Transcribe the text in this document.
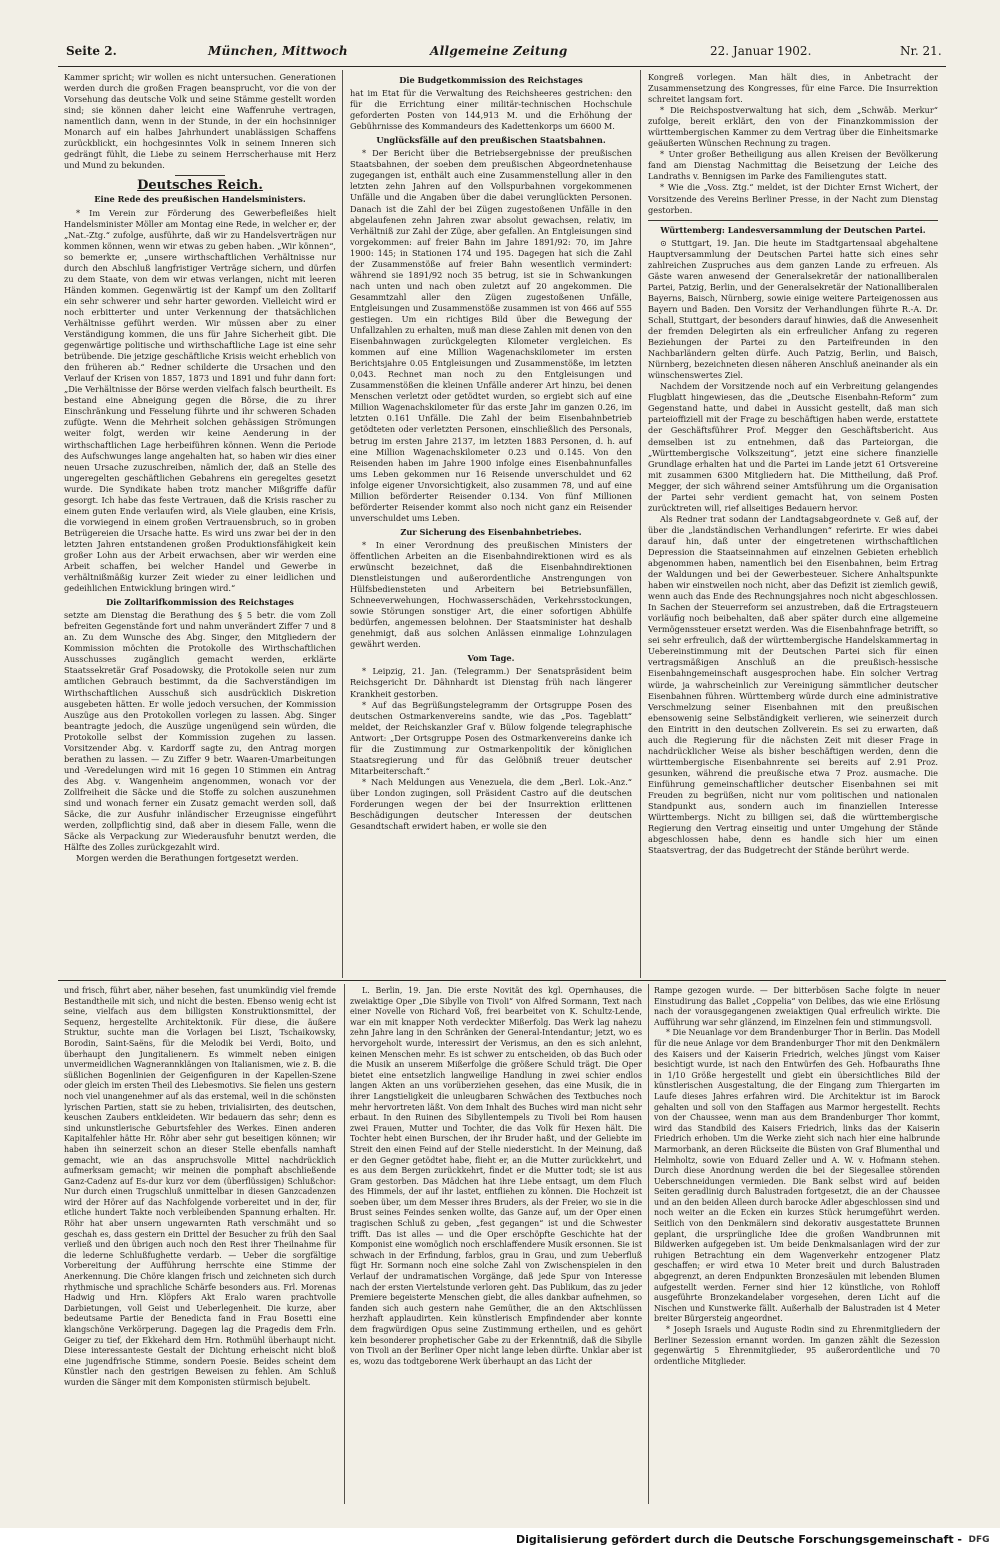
Seite 2.	München, Mittwoch	Allgemeine Zeitung	22. Januar 1902.	Nr. 21.

Kammer spricht; wir wollen es nicht untersuchen. Generationen werden durch die großen Fragen beansprucht, vor die von der Vorsehung das deutsche Volk und seine Stämme gestellt worden sind; sie können daher leicht eine Waffenruhe vertragen, namentlich dann, wenn in der Stunde, in der ein hochsinniger Monarch auf ein halbes Jahrhundert unablässigen Schaffens zurückblickt, ein hochgesinntes Volk in seinem Inneren sich gedrängt fühlt, die Liebe zu seinem Herrscherhause mit Herz und Mund zu bekunden.

Deutsches Reich.

Eine Rede des preußischen Handelsministers.

* Im Verein zur Förderung des Gewerbefleißes hielt Handelsminister Möller am Montag eine Rede, in welcher er, der „Nat.-Ztg.“ zufolge, ausführte, daß wir zu Handelsverträgen nur kommen können, wenn wir etwas zu geben haben. „Wir können“, so bemerkte er, „unsere wirthschaftlichen Verhältnisse nur durch den Abschluß langfristiger Verträge sichern, und dürfen zu dem Staate, von dem wir etwas verlangen, nicht mit leeren Händen kommen. Gegenwärtig ist der Kampf um den Zolltarif ein sehr schwerer und sehr harter geworden. Vielleicht wird er noch erbitterter und unter Verkennung der thatsächlichen Verhältnisse geführt werden. Wir müssen aber zu einer Verständigung kommen, die uns für Jahre Sicherheit gibt. Die gegenwärtige politische und wirthschaftliche Lage ist eine sehr betrübende. Die jetzige geschäftliche Krisis weicht erheblich von den früheren ab.“ Redner schilderte die Ursachen und den Verlauf der Krisen von 1857, 1873 und 1891 und fuhr dann fort: „Die Verhältnisse der Börse werden vielfach falsch beurtheilt. Es bestand eine Abneigung gegen die Börse, die zu ihrer Einschränkung und Fesselung führte und ihr schweren Schaden zufügte. Wenn die Mehrheit solchen gehässigen Strömungen weiter folgt, werden wir keine Aenderung in der wirthschaftlichen Lage herbeiführen können. Wenn die Periode des Aufschwunges lange angehalten hat, so haben wir dies einer neuen Ursache zuzuschreiben, nämlich der, daß an Stelle des ungeregelten geschäftlichen Gebahrens ein geregeltes gesetzt wurde. Die Syndikate haben trotz mancher Mißgriffe dafür gesorgt. Ich habe das feste Vertrauen, daß die Krisis rascher zu einem guten Ende verlaufen wird, als Viele glauben, eine Krisis, die vorwiegend in einem großen Vertrauensbruch, so in groben Betrügereien die Ursache hatte. Es wird uns zwar bei der in den letzten Jahren entstandenen großen Produktionsfähigkeit kein großer Lohn aus der Arbeit erwachsen, aber wir werden eine Arbeit schaffen, bei welcher Handel und Gewerbe in verhältnißmäßig kurzer Zeit wieder zu einer leidlichen und gedeihlichen Entwicklung bringen wird.“

Die Zolltarifkommission des Reichstages

setzte am Dienstag die Berathung des § 5 betr. die vom Zoll befreiten Gegenstände fort und nahm unverändert Ziffer 7 und 8 an. Zu dem Wunsche des Abg. Singer, den Mitgliedern der Kommission möchten die Protokolle des Wirthschaftlichen Ausschusses zugänglich gemacht werden, erklärte Staatssekretär Graf Posadowsky, die Protokolle seien nur zum amtlichen Gebrauch bestimmt, da die Sachverständigen im Wirthschaftlichen Ausschuß sich ausdrücklich Diskretion ausgebeten hätten. Er wolle jedoch versuchen, der Kommission Auszüge aus den Protokollen vorlegen zu lassen. Abg. Singer beantragte jedoch, die Auszüge ungenügend sein würden, die Protokolle selbst der Kommission zugehen zu lassen. Vorsitzender Abg. v. Kardorff sagte zu, den Antrag morgen berathen zu lassen. — Zu Ziffer 9 betr. Waaren-Umarbeitungen und -Veredelungen wird mit 16 gegen 10 Stimmen ein Antrag des Abg. v. Wangenheim angenommen, wonach vor der Zollfreiheit die Säcke und die Stoffe zu solchen auszunehmen sind und wonach ferner ein Zusatz gemacht werden soll, daß Säcke, die zur Ausfuhr inländischer Erzeugnisse eingeführt werden, zollpflichtig sind, daß aber in diesem Falle, wenn die Säcke als Verpackung zur Wiederausfuhr benutzt werden, die Hälfte des Zolles zurückgezahlt wird.

Morgen werden die Berathungen fortgesetzt werden.

Die Budgetkommission des Reichstages

hat im Etat für die Verwaltung des Reichsheeres gestrichen: den für die Errichtung einer militär-technischen Hochschule geforderten Posten von 144,913 M. und die Erhöhung der Gebührnisse des Kommandeurs des Kadettenkorps um 6600 M.

Unglücksfälle auf den preußischen Staatsbahnen.

* Der Bericht über die Betriebsergebnisse der preußischen Staatsbahnen, der soeben dem preußischen Abgeordnetenhause zugegangen ist, enthält auch eine Zusammenstellung aller in den letzten zehn Jahren auf den Vollspurbahnen vorgekommenen Unfälle und die Angaben über die dabei verunglückten Personen. Danach ist die Zahl der bei Zügen zugestoßenen Unfälle in den abgelaufenen zehn Jahren zwar absolut gewachsen, relativ, im Verhältniß zur Zahl der Züge, aber gefallen. An Entgleisungen sind vorgekommen: auf freier Bahn im Jahre 1891/92: 70, im Jahre 1900: 145; in Stationen 174 und 195. Dagegen hat sich die Zahl der Zusammenstöße auf freier Bahn wesentlich vermindert: während sie 1891/92 noch 35 betrug, ist sie in Schwankungen nach unten und nach oben zuletzt auf 20 angekommen. Die Gesammtzahl aller den Zügen zugestoßenen Unfälle, Entgleisungen und Zusammenstöße zusammen ist von 466 auf 555 gestiegen. Um ein richtiges Bild über die Bewegung der Unfallzahlen zu erhalten, muß man diese Zahlen mit denen von den Eisenbahnwagen zurückgelegten Kilometer vergleichen. Es kommen auf eine Million Wagenachskilometer im ersten Berichtsjahre 0.05 Entgleisungen und Zusammenstöße, im letzten 0,043. Rechnet man noch zu den Entgleisungen und Zusammenstößen die kleinen Unfälle anderer Art hinzu, bei denen Menschen verletzt oder getödtet wurden, so ergiebt sich auf eine Million Wagenachskilometer für das erste Jahr im ganzen 0.26, im letzten 0.161 Unfälle. Die Zahl der beim Eisenbahnbetrieb getödteten oder verletzten Personen, einschließlich des Personals, betrug im ersten Jahre 2137, im letzten 1883 Personen, d. h. auf eine Million Wagenachskilometer 0.23 und 0.145. Von den Reisenden haben im Jahre 1900 infolge eines Eisenbahnunfalles ums Leben gekommen nur 16 Reisende unverschuldet und 62 infolge eigener Unvorsichtigkeit, also zusammen 78, und auf eine Million beförderter Reisender 0.134. Von fünf Millionen beförderter Reisender kommt also noch nicht ganz ein Reisender unverschuldet ums Leben.

Zur Sicherung des Eisenbahnbetriebes.

* In einer Verordnung des preußischen Ministers der öffentlichen Arbeiten an die Eisenbahndirektionen wird es als erwünscht bezeichnet, daß die Eisenbahndirektionen Dienstleistungen und außerordentliche Anstrengungen von Hülfsbediensteten und Arbeitern bei Betriebsunfällen, Schneeverwehungen, Hochwasserschäden, Verkehrsstockungen, sowie Störungen sonstiger Art, die einer sofortigen Abhülfe bedürfen, angemessen belohnen. Der Staatsminister hat deshalb genehmigt, daß aus solchen Anlässen einmalige Lohnzulagen gewährt werden.

Vom Tage.

* Leipzig, 21. Jan. (Telegramm.) Der Senatspräsident beim Reichsgericht Dr. Dähnhardt ist Dienstag früh nach längerer Krankheit gestorben.

* Auf das Begrüßungstelegramm der Ortsgruppe Posen des deutschen Ostmarkenvereins sandte, wie das „Pos. Tageblatt“ meldet, der Reichskanzler Graf v. Bülow folgende telegraphische Antwort: „Der Ortsgruppe Posen des Ostmarkenvereins danke ich für die Zustimmung zur Ostmarkenpolitik der königlichen Staatsregierung und für das Gelöbniß treuer deutscher Mitarbeiterschaft.“

* Nach Meldungen aus Venezuela, die dem „Berl. Lok.-Anz.“ über London zugingen, soll Präsident Castro auf die deutschen Forderungen wegen der bei der Insurrektion erlittenen Beschädigungen deutscher Interessen der deutschen Gesandtschaft erwidert haben, er wolle sie den

Kongreß vorlegen. Man hält dies, in Anbetracht der Zusammensetzung des Kongresses, für eine Farce. Die Insurrektion schreitet langsam fort.

* Die Reichspostverwaltung hat sich, dem „Schwäb. Merkur“ zufolge, bereit erklärt, den von der Finanzkommission der württembergischen Kammer zu dem Vertrag über die Einheitsmarke geäußerten Wünschen Rechnung zu tragen.

* Unter großer Betheiligung aus allen Kreisen der Bevölkerung fand am Dienstag Nachmittag die Beisetzung der Leiche des Landraths v. Bennigsen im Parke des Familiengutes statt.

* Wie die „Voss. Ztg.“ meldet, ist der Dichter Ernst Wichert, der Vorsitzende des Vereins Berliner Presse, in der Nacht zum Dienstag gestorben.

Württemberg: Landesversammlung der Deutschen Partei.

⊙ Stuttgart, 19. Jan. Die heute im Stadtgartensaal abgehaltene Hauptversammlung der Deutschen Partei hatte sich eines sehr zahlreichen Zuspruches aus dem ganzen Lande zu erfreuen. Als Gäste waren anwesend der Generalsekretär der nationalliberalen Partei, Patzig, Berlin, und der Generalsekretär der Nationalliberalen Bayerns, Baisch, Nürnberg, sowie einige weitere Parteigenossen aus Bayern und Baden. Den Vorsitz der Verhandlungen führte R.-A. Dr. Schall, Stuttgart, der besonders darauf hinwies, daß die Anwesenheit der fremden Delegirten als ein erfreulicher Anfang zu regeren Beziehungen der Partei zu den Parteifreunden in den Nachbarländern gelten dürfe. Auch Patzig, Berlin, und Baisch, Nürnberg, bezeichneten diesen näheren Anschluß aneinander als ein wünschenswertes Ziel.

Nachdem der Vorsitzende noch auf ein Verbreitung gelangendes Flugblatt hingewiesen, das die „Deutsche Eisenbahn-Reform“ zum Gegenstand hatte, und dabei in Aussicht gestellt, daß man sich parteioffiziell mit der Frage zu beschäftigen haben werde, erstattete der Geschäftsführer Prof. Megger den Geschäftsbericht. Aus demselben ist zu entnehmen, daß das Parteiorgan, die „Württembergische Volkszeitung“, jetzt eine sichere finanzielle Grundlage erhalten hat und die Partei im Lande jetzt 61 Ortsvereine mit zusammen 6300 Mitgliedern hat. Die Mittheilung, daß Prof. Megger, der sich während seiner Amtsführung um die Organisation der Partei sehr verdient gemacht hat, von seinem Posten zurücktreten will, rief allseitiges Bedauern hervor.

Als Redner trat sodann der Landtagsabgeordnete v. Geß auf, der über die „landständischen Verhandlungen“ referirte. Er wies dabei darauf hin, daß unter der eingetretenen wirthschaftlichen Depression die Staatseinnahmen auf einzelnen Gebieten erheblich abgenommen haben, namentlich bei den Eisenbahnen, beim Ertrag der Waldungen und bei der Gewerbesteuer. Sichere Anhaltspunkte haben wir einstweilen noch nicht, aber das Defizit ist ziemlich gewiß, wenn auch das Ende des Rechnungsjahres noch nicht abgeschlossen. In Sachen der Steuerreform sei anzustreben, daß die Ertragsteuern vorläufig noch beibehalten, daß aber später durch eine allgemeine Vermögenssteuer ersetzt werden. Was die Eisenbahnfrage betrifft, so sei sehr erfreulich, daß der württembergische Handelskammertag in Uebereinstimmung mit der Deutschen Partei sich für einen vertragsmäßigen Anschluß an die preußisch-hessische Eisenbahngemeinschaft ausgesprochen habe. Ein solcher Vertrag würde, ja wahrscheinlich zur Vereinigung sämmtlicher deutscher Eisenbahnen führen. Württemberg würde durch eine administrative Verschmelzung seiner Eisenbahnen mit den preußischen ebensowenig seine Selbständigkeit verlieren, wie seinerzeit durch den Eintritt in den deutschen Zollverein. Es sei zu erwarten, daß auch die Regierung für die nächsten Zeit mit dieser Frage in nachdrücklicher Weise als bisher beschäftigen werden, denn die württembergische Eisenbahnrente sei bereits auf 2.91 Proz. gesunken, während die preußische etwa 7 Proz. ausmache. Die Einführung gemeinschaftlicher deutscher Eisenbahnen sei mit Freuden zu begrüßen, nicht nur vom politischen und nationalen Standpunkt aus, sondern auch im finanziellen Interesse Württembergs. Nicht zu billigen sei, daß die württembergische Regierung den Vertrag einseitig und unter Umgehung der Stände abgeschlossen habe, denn es handle sich hier um einen Staatsvertrag, der das Budgetrecht der Stände berührt werde.

und frisch, führt aber, näher besehen, fast unumkündig viel fremde Bestandtheile mit sich, und nicht die besten. Ebenso wenig echt ist seine, vielfach aus dem billigsten Konstruktionsmittel, der Sequenz, hergestellte Architektonik. Für diese, die äußere Struktur, suchte man die Vorlagen bei Liszt, Tschaikowsky, Borodin, Saint-Saëns, für die Melodik bei Verdi, Boito, und überhaupt den Jungitalienern. Es wimmelt neben einigen unvermeidlichen Wagnerannklängen von Italianismen, wie z. B. die süßlichen Bogenlinien der Geigenfiguren in der Kapellen-Szene oder gleich im ersten Theil des Liebesmotivs. Sie fielen uns gestern noch viel unangenehmer auf als das erstemal, weil in die schönsten lyrischen Partien, statt sie zu heben, trivialisirten, des deutschen, keuschen Zaubers entkleideten. Wir bedauern das sehr; denn es sind unkunstlerische Geburtsfehler des Werkes. Einen anderen Kapitalfehler hätte Hr. Röhr aber sehr gut beseitigen können; wir haben ihn seinerzeit schon an dieser Stelle ebenfalls namhaft gemacht, wie an das anspruchsvolle Mittel nachdrücklich aufmerksam gemacht; wir meinen die pomphaft abschließende Ganz-Cadenz auf Es-dur kurz vor dem (überflüssigen) Schlußchor: Nur durch einen Trugschluß unmittelbar in diesen Ganzcadenzen wird der Hörer auf das Nachfolgende vorbereitet und in der, für etliche hundert Takte noch verbleibenden Spannung erhalten. Hr. Röhr hat aber unsern ungewarnten Rath verschmäht und so geschah es, dass gestern ein Drittel der Besucher zu früh den Saal verließ und den übrigen auch noch den Rest ihrer Theilnahme für die lederne Schlußfughette verdarb. — Ueber die sorgfältige Vorbereitung der Aufführung herrschte eine Stimme der Anerkennung. Die Chöre klangen frisch und zeichneten sich durch rhythmische und sprachliche Schärfe besonders aus. Frl. Morenas Hadwig und Hrn. Klöpfers Akt Eralo waren prachtvolle Darbietungen, voll Geist und Ueberlegenheit. Die kurze, aber bedeutsame Partie der Benedicta fand in Frau Bosetti eine klangschöne Verkörperung. Dagegen lag die Pragedis dem Frln. Geiger zu tief, der Ekkehard dem Hrn. Rothmühl überhaupt nicht. Diese interessanteste Gestalt der Dichtung erheischt nicht bloß eine jugendfrische Stimme, sondern Poesie. Beides scheint dem Künstler nach den gestrigen Beweisen zu fehlen. Am Schluß wurden die Sänger mit dem Komponisten stürmisch bejubelt.

L. Berlin, 19. Jan. Die erste Novität des kgl. Opernhauses, die zweiaktige Oper „Die Sibylle von Tivoli“ von Alfred Sormann, Text nach einer Novelle von Richard Voß, frei bearbeitet von K. Schultz-Lende, war ein mit knapper Noth verdeckter Mißerfolg. Das Werk lag nahezu zehn Jahre lang in den Schränken der General-Intendantur; jetzt, wo es hervorgeholt wurde, interessirt der Verismus, an den es sich anlehnt, keinen Menschen mehr. Es ist schwer zu entscheiden, ob das Buch oder die Musik an unserem Mißerfolge die größere Schuld trägt. Die Oper bietet eine entsetzlich langweilige Handlung in zwei schier endlos langen Akten an uns vorüberziehen gesehen, das eine Musik, die in ihrer Langstieligkeit die unleugbaren Schwächen des Textbuches noch mehr hervortreten läßt. Von dem Inhalt des Buches wird man nicht sehr erbaut. In den Ruinen des Sibyllentempels zu Tivoli bei Rom hausen zwei Frauen, Mutter und Tochter, die das Volk für Hexen hält. Die Tochter hebt einen Burschen, der ihr Bruder haßt, und der Geliebte im Streit den einen Feind auf der Stelle niedersticht. In der Meinung, daß er den Gegner getödtet habe, flieht er, an die Mutter zurückkehrt, und es aus dem Bergen zurückkehrt, findet er die Mutter todt; sie ist aus Gram gestorben. Das Mädchen hat ihre Liebe entsagt, um dem Fluch des Himmels, der auf ihr lastet, entfliehen zu können. Die Hochzeit ist soeben über, um dem Messer ihres Bruders, als der Freier, wo sie in die Brust seines Feindes senken wollte, das Ganze auf, um der Oper einen tragischen Schluß zu geben, „fest gegangen“ ist und die Schwester trifft. Das ist alles — und die Oper erschöpfte Geschichte hat der Komponist eine womöglich noch erschlaffendere Musik ersonnen. Sie ist schwach in der Erfindung, farblos, grau in Grau, und zum Ueberfluß fügt Hr. Sormann noch eine solche Zahl von Zwischenspielen in den Verlauf der undramatischen Vorgänge, daß jede Spur von Interesse nach der ersten Viertelstunde verloren geht. Das Publikum, das zu jeder Premiere begeisterte Menschen giebt, die alles dankbar aufnehmen, so fanden sich auch gestern nahe Gemüther, die an den Aktschlüssen herzhaft applaudirten. Kein künstlerisch Empfindender aber konnte dem fragwürdigen Opus seine Zustimmung ertheilen, und es gehört kein besonderer prophetischer Gabe zu der Erkenntniß, daß die Sibylle von Tivoli an der Berliner Oper nicht lange leben dürfte. Unklar aber ist es, wozu das todtgeborene Werk überhaupt an das Licht der

Rampe gezogen wurde. — Der bitterbösen Sache folgte in neuer Einstudirung das Ballet „Coppelia“ von Delibes, das wie eine Erlösung nach der vorausgegangenen zweiaktigen Qual erfreulich wirkte. Die Aufführung war sehr glänzend, im Einzelnen fein und stimmungsvoll.

* Die Neuanlage vor dem Brandenburger Thor in Berlin. Das Modell für die neue Anlage vor dem Brandenburger Thor mit den Denkmälern des Kaisers und der Kaiserin Friedrich, welches jüngst vom Kaiser besichtigt wurde, ist nach den Entwürfen des Geh. Hofbauraths Ihne in 1/10 Größe hergestellt und giebt ein übersichtliches Bild der künstlerischen Ausgestaltung, die der Eingang zum Thiergarten im Laufe dieses Jahres erfahren wird. Die Architektur ist im Barock gehalten und soll von den Staffagen aus Marmor hergestellt. Rechts von der Chaussee, wenn man aus dem Brandenburger Thor kommt, wird das Standbild des Kaisers Friedrich, links das der Kaiserin Friedrich erhoben. Um die Werke zieht sich nach hier eine halbrunde Marmorbank, an deren Rückseite die Büsten von Graf Blumenthal und Helmholtz, sowie von Eduard Zeller und A. W. v. Hofmann stehen. Durch diese Anordnung werden die bei der Siegesallee störenden Ueberschneidungen vermieden. Die Bank selbst wird auf beiden Seiten geradlinig durch Balustraden fortgesetzt, die an der Chaussee und an den beiden Alleen durch barocke Adler abgeschlossen sind und noch weiter an die Ecken ein kurzes Stück herumgeführt werden. Seitlich von den Denkmälern sind dekorativ ausgestattete Brunnen geplant, die ursprüngliche Idee die großen Wandbrunnen mit Bildwerken aufgegeben ist. Um beide Denkmalsanlagen wird der zur ruhigen Betrachtung ein dem Wagenverkehr entzogener Platz geschaffen; er wird etwa 10 Meter breit und durch Balustraden abgegrenzt, an deren Endpunkten Bronzesäulen mit lebenden Blumen aufgestellt werden. Ferner sind hier 12 künstliche, von Rohloff ausgeführte Bronzekandelaber vorgesehen, deren Licht auf die Nischen und Kunstwerke fällt. Außerhalb der Balustraden ist 4 Meter breiter Bürgersteig angeordnet.

* Joseph Israels und Auguste Rodin sind zu Ehrenmitgliedern der Berliner Sezession ernannt worden. Im ganzen zählt die Sezession gegenwärtig 5 Ehrenmitglieder, 95 außerordentliche und 70 ordentliche Mitglieder.

Digitalisierung gefördert durch die Deutsche Forschungsgemeinschaft - DFG
